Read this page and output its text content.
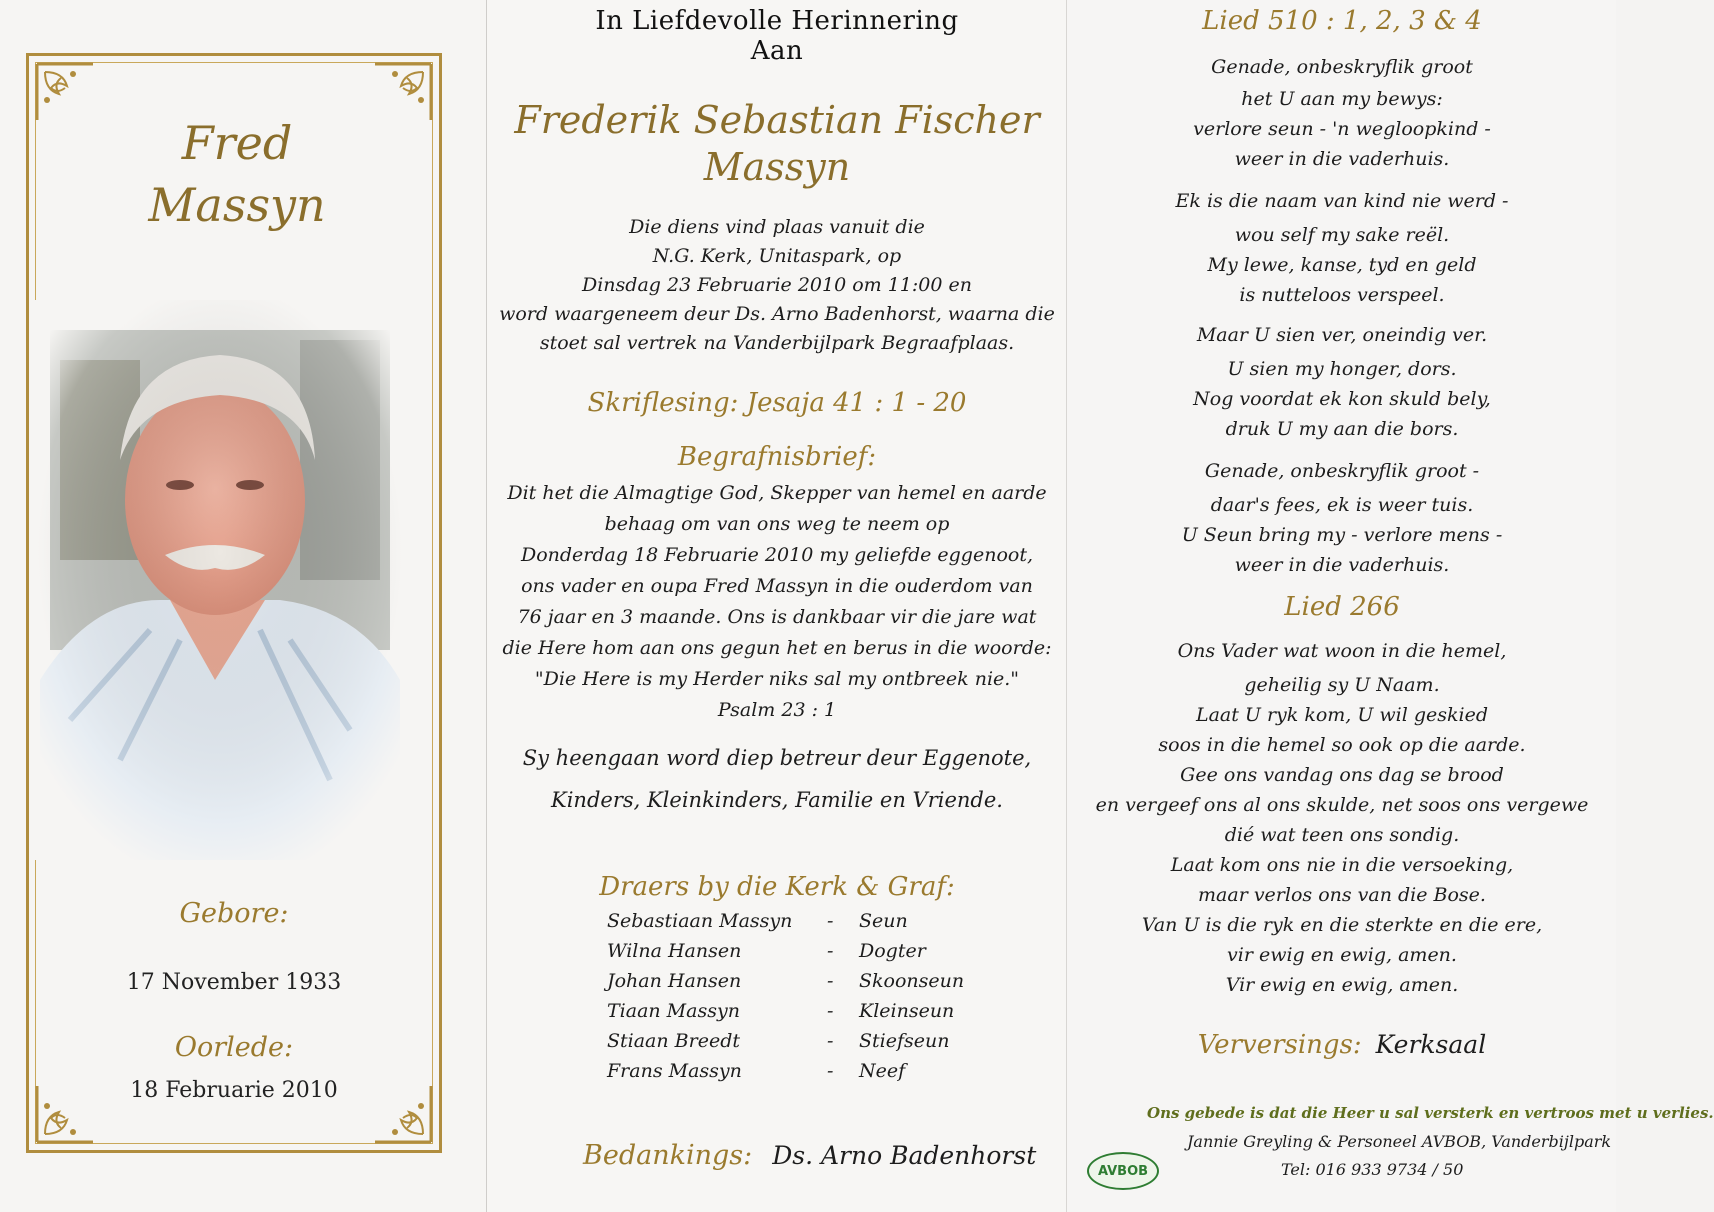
Fred
Massyn
Gebore:
17 November 1933
Oorlede:
18 Februarie 2010
In Liefdevolle Herinnering
Aan
Frederik Sebastian Fischer
Massyn
Die diens vind plaas vanuit die
N.G. Kerk, Unitaspark, op
Dinsdag 23 Februarie 2010 om 11:00 en
word waargeneem deur Ds. Arno Badenhorst, waarna die
stoet sal vertrek na Vanderbijlpark Begraafplaas.
Skriflesing: Jesaja 41 : 1 - 20
Begrafnisbrief:
Dit het die Almagtige God, Skepper van hemel en aarde
behaag om van ons weg te neem op
Donderdag 18 Februarie 2010 my geliefde eggenoot,
ons vader en oupa Fred Massyn in die ouderdom van
76 jaar en 3 maande. Ons is dankbaar vir die jare wat
die Here hom aan ons gegun het en berus in die woorde:
"Die Here is my Herder niks sal my ontbreek nie."
Psalm 23 : 1
Sy heengaan word diep betreur deur Eggenote,
Kinders, Kleinkinders, Familie en Vriende.
Draers by die Kerk & Graf:
Sebastiaan Massyn - Seun
Wilna Hansen	- Dogter
Johan Hansen	- Skoonseun
Tiaan Massyn	- Kleinseun
Stiaan Breedt	- Stiefseun
Frans Massyn	- Neef
Bedankings: Ds. Arno Badenhorst
Lied 510 : 1, 2, 3 & 4
Genade, onbeskryflik groot
het U aan my bewys:
verlore seun - 'n wegloopkind -
weer in die vaderhuis.
Ek is die naam van kind nie werd -
wou self my sake reël.
My lewe, kanse, tyd en geld
is nutteloos verspeel.
Maar U sien ver, oneindig ver.
U sien my honger, dors.
Nog voordat ek kon skuld bely,
druk U my aan die bors.
Genade, onbeskryflik groot -
daar's fees, ek is weer tuis.
U Seun bring my - verlore mens -
weer in die vaderhuis.
Lied 266
Ons Vader wat woon in die hemel,
geheilig sy U Naam.
Laat U ryk kom, U wil geskied
soos in die hemel so ook op die aarde.
Gee ons vandag ons dag se brood
en vergeef ons al ons skulde, net soos ons vergewe
dié wat teen ons sondig.
Laat kom ons nie in die versoeking,
maar verlos ons van die Bose.
Van U is die ryk en die sterkte en die ere,
vir ewig en ewig, amen.
Vir ewig en ewig, amen.
Verversings: Kerksaal
Ons gebede is dat die Heer u sal versterk en vertroos met u verlies.
Jannie Greyling & Personeel AVBOB, Vanderbijlpark
Tel: 016 933 9734 / 50
AVBOB
